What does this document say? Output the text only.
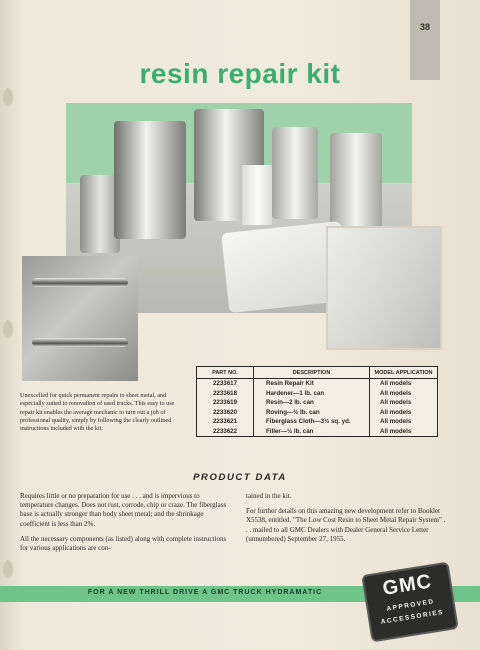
38
resin repair kit
PART NO.	DESCRIPTION	MODEL APPLICATION
2233617	Resin Repair Kit	All models
2233618	Hardener—1 lb. can	All models
2233619	Resin—2 lb. can	All models
2233620	Roving—½ lb. can	All models
2233621	Fiberglass Cloth—3½ sq. yd.	All models
2233622	Filler—½ lb. can	All models
Unexcelled for quick permanent repairs to sheet metal, and especially suited to renovation of used trucks. This easy to use repair kit enables the average mechanic to turn out a job of professional quality, simply by following the clearly outlined instructions included with the kit.
PRODUCT DATA

Requires little or no preparation for use . . . and is impervious to temperature changes. Does not rust, corrode, chip or craze. The fiberglass base is actually stronger than body sheet metal; and the shrinkage coefficient is less than 2%.

All the necessary components (as listed) along with complete instructions for various applications are con-

tained in the kit.

For further details on this amazing new development refer to Booklet X5538, entitled, "The Low Cost Resin to Sheet Metal Repair System" . . . mailed to all GMC Dealers with Dealer General Service Letter (unnumbered) September 27, 1955.

FOR A NEW THRILL DRIVE A GMC TRUCK HYDRAMATIC	GMC
APPROVED
ACCESSORIES
